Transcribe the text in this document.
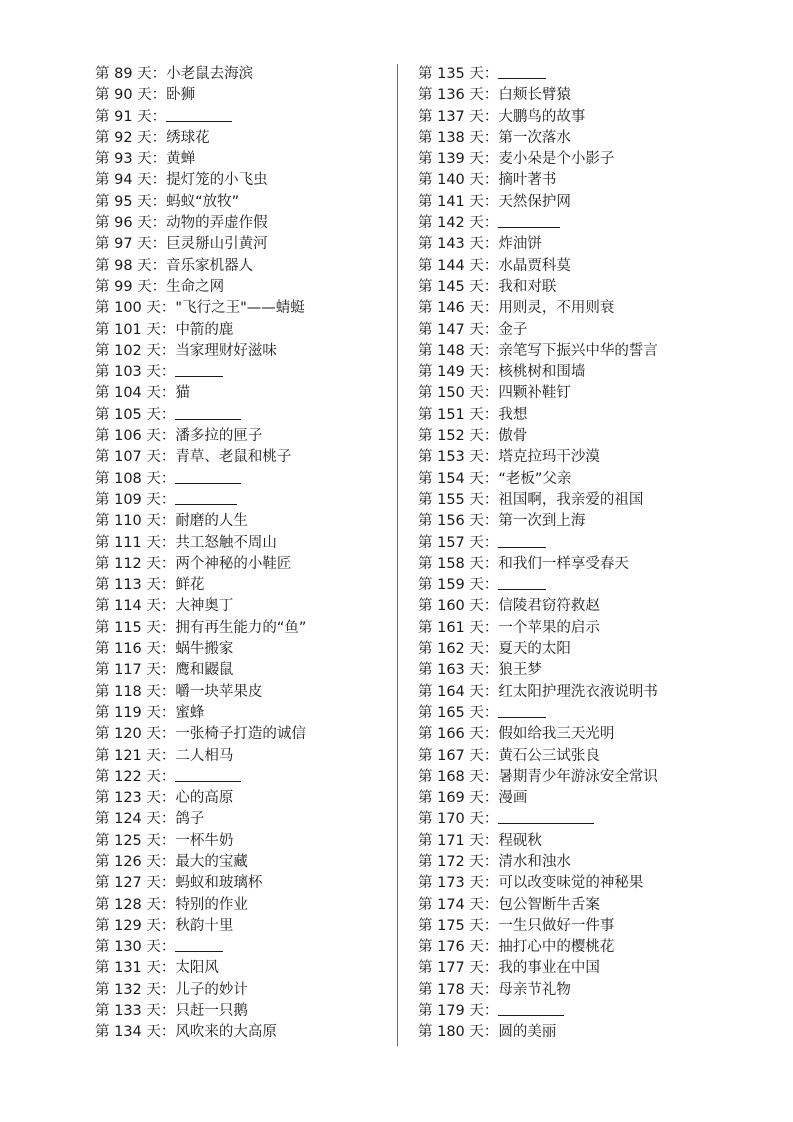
第 89 天 ： 小老鼠去海滨
第 90 天 ： 卧狮
第 91 天 ：
第 92 天 ： 绣球花
第 93 天 ： 黄蝉
第 94 天 ： 提灯笼的小飞虫
第 95 天 ： 蚂蚁“放牧”
第 96 天 ： 动物的弄虚作假
第 97 天 ： 巨灵掰山引黄河
第 98 天 ： 音乐家机器人
第 99 天 ： 生命之网
第 100 天 ： "飞行之王"——蜻蜓
第 101 天 ： 中箭的鹿
第 102 天 ： 当家理财好滋味
第 103 天 ：
第 104 天 ： 猫
第 105 天 ：
第 106 天 ： 潘多拉的匣子
第 107 天 ： 青草、老鼠和桃子
第 108 天 ：
第 109 天 ：
第 110 天 ： 耐磨的人生
第 111 天 ： 共工怒触不周山
第 112 天 ： 两个神秘的小鞋匠
第 113 天 ： 鲜花
第 114 天 ： 大神奥丁
第 115 天 ： 拥有再生能力的“鱼”
第 116 天 ： 蜗牛搬家
第 117 天 ： 鹰和鼹鼠
第 118 天 ： 嚼一块苹果皮
第 119 天 ： 蜜蜂
第 120 天 ： 一张椅子打造的诚信
第 121 天 ： 二人相马
第 122 天 ：
第 123 天 ： 心的高原
第 124 天 ： 鸽子
第 125 天 ： 一杯牛奶
第 126 天 ： 最大的宝藏
第 127 天 ： 蚂蚁和玻璃杯
第 128 天 ： 特别的作业
第 129 天 ： 秋韵十里
第 130 天 ：
第 131 天 ： 太阳风
第 132 天 ： 儿子的妙计
第 133 天 ： 只赶一只鹅
第 134 天 ： 风吹来的大高原
第 135 天 ：
第 136 天 ： 白颊长臂猿
第 137 天 ： 大鹏鸟的故事
第 138 天 ： 第一次落水
第 139 天 ： 麦小朵是个小影子
第 140 天 ： 摘叶著书
第 141 天 ： 天然保护网
第 142 天 ：
第 143 天 ： 炸油饼
第 144 天 ： 水晶贾科莫
第 145 天 ： 我和对联
第 146 天 ： 用则灵，不用则衰
第 147 天 ： 金子
第 148 天 ： 亲笔写下振兴中华的誓言
第 149 天 ： 核桃树和围墙
第 150 天 ： 四颗补鞋钉
第 151 天 ： 我想
第 152 天 ： 傲骨
第 153 天 ： 塔克拉玛干沙漠
第 154 天 ： “老板”父亲
第 155 天 ： 祖国啊，我亲爱的祖国
第 156 天 ： 第一次到上海
第 157 天 ：
第 158 天 ： 和我们一样享受春天
第 159 天 ：
第 160 天 ： 信陵君窃符救赵
第 161 天 ： 一个苹果的启示
第 162 天 ： 夏天的太阳
第 163 天 ： 狼王梦
第 164 天 ： 红太阳护理洗衣液说明书
第 165 天 ：
第 166 天 ： 假如给我三天光明
第 167 天 ： 黄石公三试张良
第 168 天 ： 暑期青少年游泳安全常识
第 169 天 ： 漫画
第 170 天 ：
第 171 天 ： 程砚秋
第 172 天 ： 清水和浊水
第 173 天 ： 可以改变味觉的神秘果
第 174 天 ： 包公智断牛舌案
第 175 天 ： 一生只做好一件事
第 176 天 ： 抽打心中的樱桃花
第 177 天 ： 我的事业在中国
第 178 天 ： 母亲节礼物
第 179 天 ：
第 180 天 ： 圆的美丽
